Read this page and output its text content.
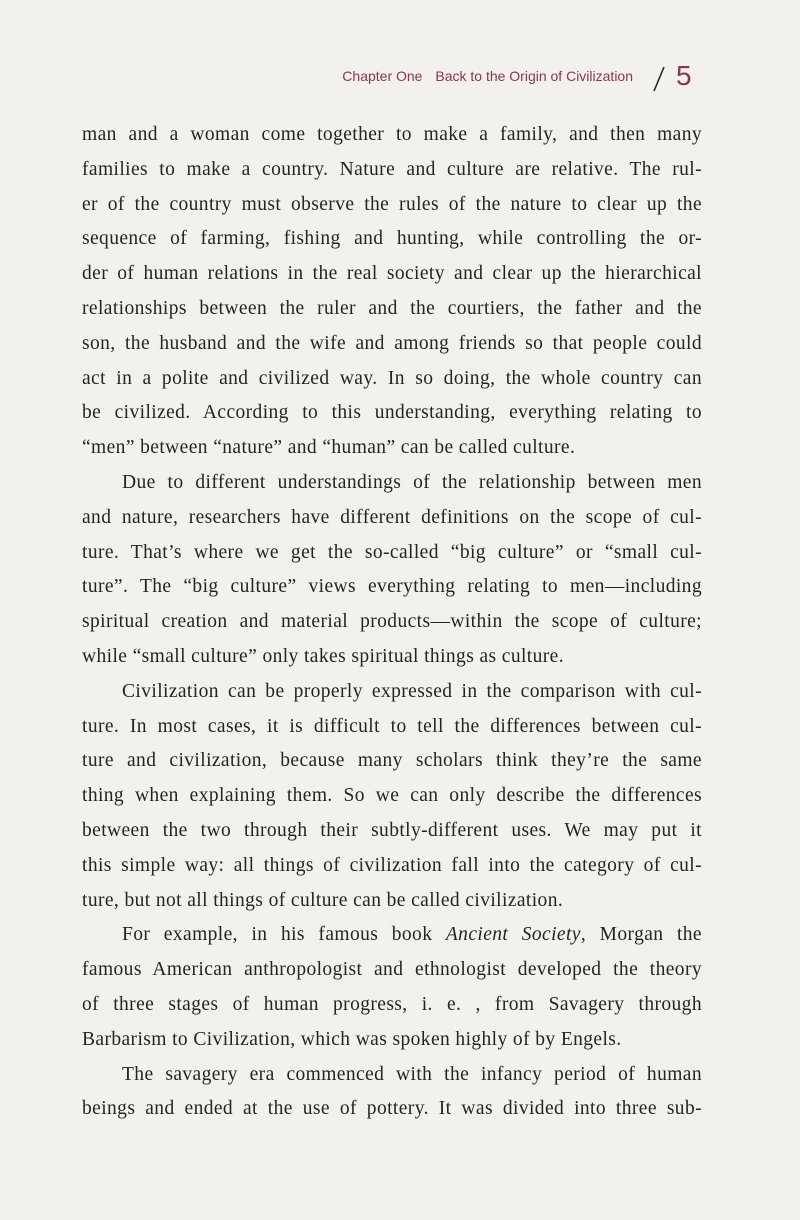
Chapter One Back to the Origin of Civilization 5

man and a woman come together to make a family, and then many
families to make a country. Nature and culture are relative. The rul-
er of the country must observe the rules of the nature to clear up the
sequence of farming, fishing and hunting, while controlling the or-
der of human relations in the real society and clear up the hierarchical
relationships between the ruler and the courtiers, the father and the
son, the husband and the wife and among friends so that people could
act in a polite and civilized way. In so doing, the whole country can
be civilized. According to this understanding, everything relating to
“men” between “nature” and “human” can be called culture.

Due to different understandings of the relationship between men
and nature, researchers have different definitions on the scope of cul-
ture. That’s where we get the so-called “big culture” or “small cul-
ture”. The “big culture” views everything relating to men—including
spiritual creation and material products—within the scope of culture;
while “small culture” only takes spiritual things as culture.

Civilization can be properly expressed in the comparison with cul-
ture. In most cases, it is difficult to tell the differences between cul-
ture and civilization, because many scholars think they’re the same
thing when explaining them. So we can only describe the differences
between the two through their subtly-different uses. We may put it
this simple way: all things of civilization fall into the category of cul-
ture, but not all things of culture can be called civilization.

For example, in his famous book Ancient Society, Morgan the
famous American anthropologist and ethnologist developed the theory
of three stages of human progress, i. e. , from Savagery through
Barbarism to Civilization, which was spoken highly of by Engels.

The savagery era commenced with the infancy period of human
beings and ended at the use of pottery. It was divided into three sub-
